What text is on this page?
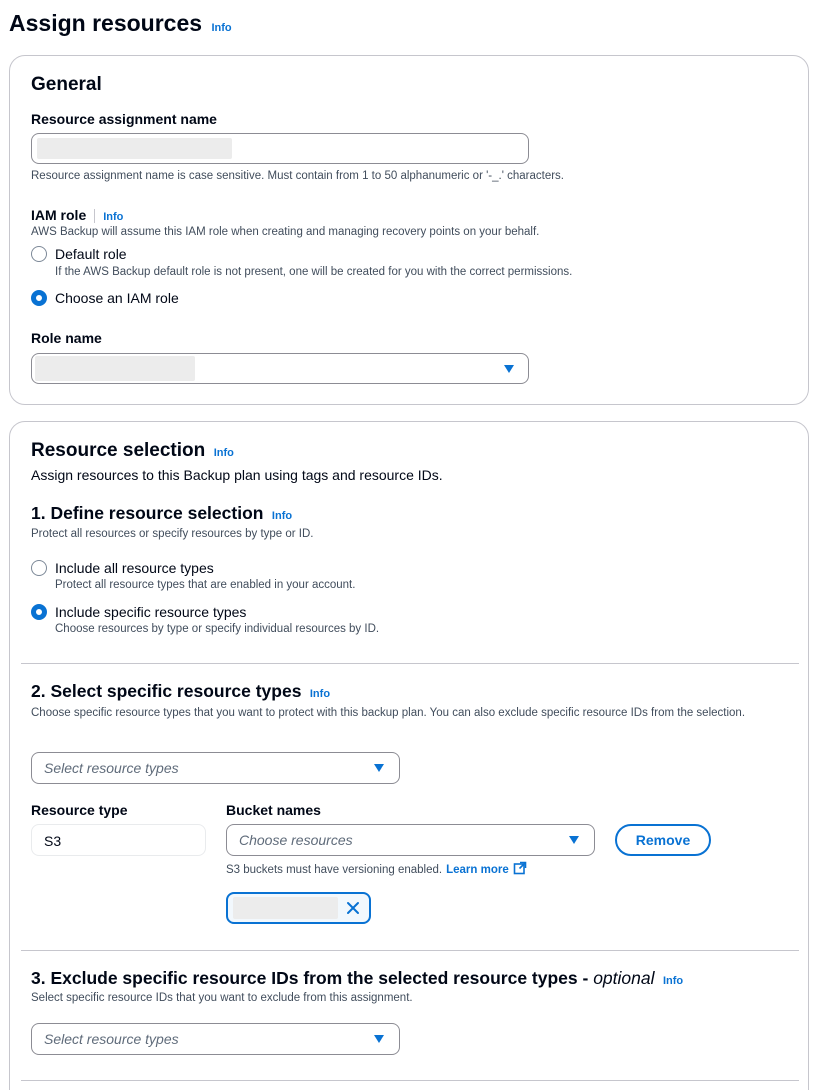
Assign resources Info
General
Resource assignment name
Resource assignment name is case sensitive. Must contain from 1 to 50 alphanumeric or '-_.' characters.
IAM role Info
AWS Backup will assume this IAM role when creating and managing recovery points on your behalf.
Default role
If the AWS Backup default role is not present, one will be created for you with the correct permissions.
Choose an IAM role
Role name
Resource selection Info
Assign resources to this Backup plan using tags and resource IDs.
1. Define resource selection Info
Protect all resources or specify resources by type or ID.
Include all resource types
Protect all resource types that are enabled in your account.
Include specific resource types
Choose resources by type or specify individual resources by ID.
2. Select specific resource types Info
Choose specific resource types that you want to protect with this backup plan. You can also exclude specific resource IDs from the selection.
Select resource types
Resource type
S3
Bucket names
Choose resources	Remove
S3 buckets must have versioning enabled. Learn more
3. Exclude specific resource IDs from the selected resource types - optional Info
Select specific resource IDs that you want to exclude from this assignment.
Select resource types
